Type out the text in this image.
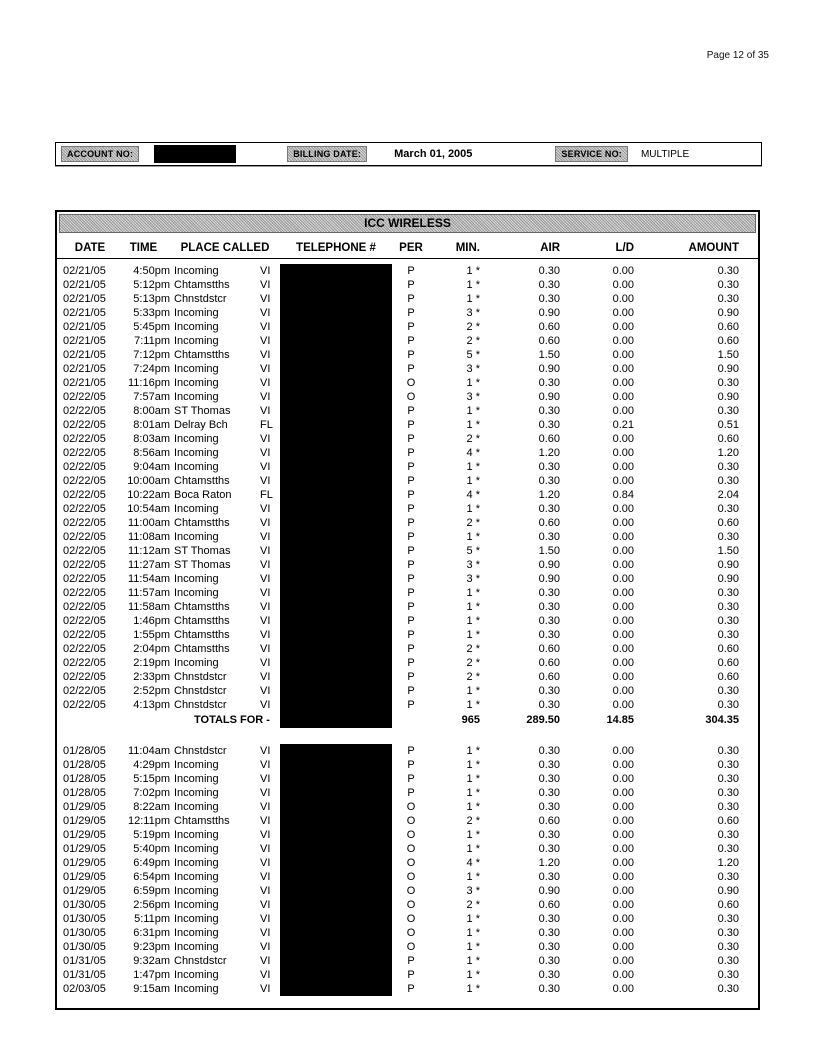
Page 12 of 35
ACCOUNT NO:	BILLING DATE:	March 01, 2005	SERVICE NO:	MULTIPLE
ICC WIRELESS
DATE	TIME	PLACE CALLED	TELEPHONE #	PER	MIN.	AIR	L/D	AMOUNT
02/21/05	4:50pm Incoming	VI	P	1 *	0.30	0.00	0.30
02/21/05	5:12pm Chtamstths	VI	P	1 *	0.30	0.00	0.30
02/21/05	5:13pm Chnstdstcr	VI	P	1 *	0.30	0.00	0.30
02/21/05	5:33pm Incoming	VI	P	3 *	0.90	0.00	0.90
02/21/05	5:45pm Incoming	VI	P	2 *	0.60	0.00	0.60
02/21/05	7:11pm Incoming	VI	P	2 *	0.60	0.00	0.60
02/21/05	7:12pm Chtamstths	VI	P	5 *	1.50	0.00	1.50
02/21/05	7:24pm Incoming	VI	P	3 *	0.90	0.00	0.90
02/21/05	11:16pm Incoming	VI	O	1 *	0.30	0.00	0.30
02/22/05	7:57am Incoming	VI	O	3 *	0.90	0.00	0.90
02/22/05	8:00am ST Thomas	VI	P	1 *	0.30	0.00	0.30
02/22/05	8:01am Delray Bch	FL	P	1 *	0.30	0.21	0.51
02/22/05	8:03am Incoming	VI	P	2 *	0.60	0.00	0.60
02/22/05	8:56am Incoming	VI	P	4 *	1.20	0.00	1.20
02/22/05	9:04am Incoming	VI	P	1 *	0.30	0.00	0.30
02/22/05	10:00am Chtamstths	VI	P	1 *	0.30	0.00	0.30
02/22/05	10:22am Boca Raton	FL	P	4 *	1.20	0.84	2.04
02/22/05	10:54am Incoming	VI	P	1 *	0.30	0.00	0.30
02/22/05	11:00am Chtamstths	VI	P	2 *	0.60	0.00	0.60
02/22/05	11:08am Incoming	VI	P	1 *	0.30	0.00	0.30
02/22/05	11:12am ST Thomas	VI	P	5 *	1.50	0.00	1.50
02/22/05	11:27am ST Thomas	VI	P	3 *	0.90	0.00	0.90
02/22/05	11:54am Incoming	VI	P	3 *	0.90	0.00	0.90
02/22/05	11:57am Incoming	VI	P	1 *	0.30	0.00	0.30
02/22/05	11:58am Chtamstths	VI	P	1 *	0.30	0.00	0.30
02/22/05	1:46pm Chtamstths	VI	P	1 *	0.30	0.00	0.30
02/22/05	1:55pm Chtamstths	VI	P	1 *	0.30	0.00	0.30
02/22/05	2:04pm Chtamstths	VI	P	2 *	0.60	0.00	0.60
02/22/05	2:19pm Incoming	VI	P	2 *	0.60	0.00	0.60
02/22/05	2:33pm Chnstdstcr	VI	P	2 *	0.60	0.00	0.60
02/22/05	2:52pm Chnstdstcr	VI	P	1 *	0.30	0.00	0.30
02/22/05	4:13pm Chnstdstcr	VI	P	1 *	0.30	0.00	0.30
TOTALS FOR -	965	289.50	14.85	304.35
01/28/05	11:04am Chnstdstcr	VI	P	1 *	0.30	0.00	0.30
01/28/05	4:29pm Incoming	VI	P	1 *	0.30	0.00	0.30
01/28/05	5:15pm Incoming	VI	P	1 *	0.30	0.00	0.30
01/28/05	7:02pm Incoming	VI	P	1 *	0.30	0.00	0.30
01/29/05	8:22am Incoming	VI	O	1 *	0.30	0.00	0.30
01/29/05	12:11pm Chtamstths	VI	O	2 *	0.60	0.00	0.60
01/29/05	5:19pm Incoming	VI	O	1 *	0.30	0.00	0.30
01/29/05	5:40pm Incoming	VI	O	1 *	0.30	0.00	0.30
01/29/05	6:49pm Incoming	VI	O	4 *	1.20	0.00	1.20
01/29/05	6:54pm Incoming	VI	O	1 *	0.30	0.00	0.30
01/29/05	6:59pm Incoming	VI	O	3 *	0.90	0.00	0.90
01/30/05	2:56pm Incoming	VI	O	2 *	0.60	0.00	0.60
01/30/05	5:11pm Incoming	VI	O	1 *	0.30	0.00	0.30
01/30/05	6:31pm Incoming	VI	O	1 *	0.30	0.00	0.30
01/30/05	9:23pm Incoming	VI	O	1 *	0.30	0.00	0.30
01/31/05	9:32am Chnstdstcr	VI	P	1 *	0.30	0.00	0.30
01/31/05	1:47pm Incoming	VI	P	1 *	0.30	0.00	0.30
02/03/05	9:15am Incoming	VI	P	1 *	0.30	0.00	0.30
